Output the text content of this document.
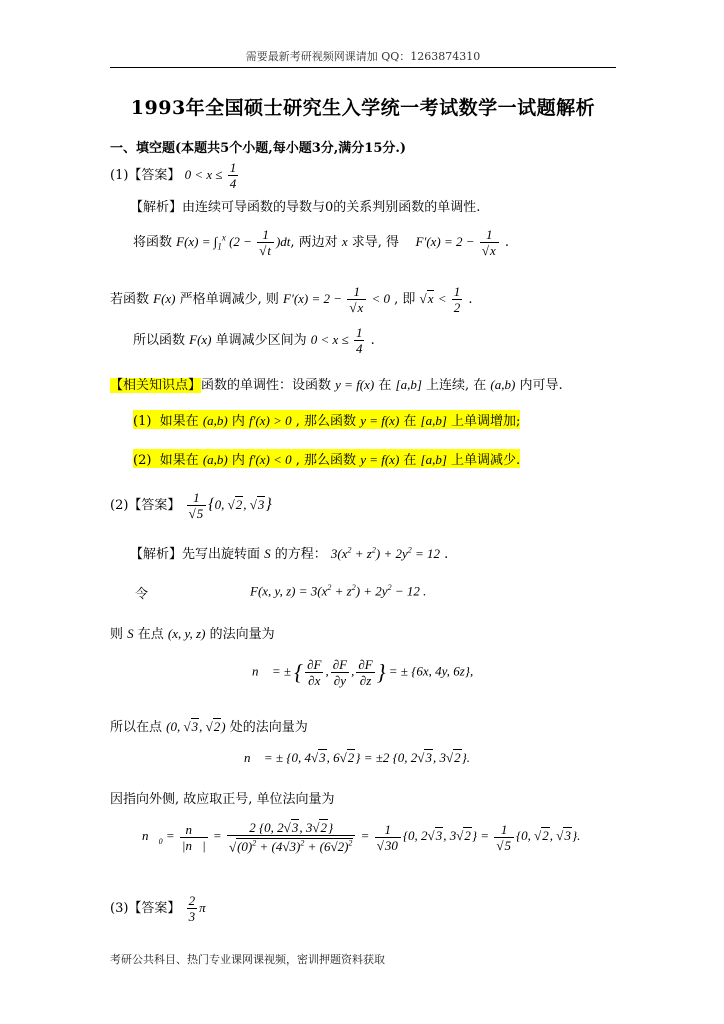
需要最新考研视频网课请加 QQ：1263874310
1993年全国硕士研究生入学统一考试数学一试题解析
一、填空题(本题共5个小题,每小题3分,满分15分.)
(1)【答案】 $0 < x \le \frac{1}{4}$
【解析】由连续可导函数的导数与0的关系判别函数的单调性.
将函数 $F(x) = \int_1^x$ $(2 - \frac{1}{√t} )dt$, 两边对 x 求导, 得    $F'(x) = 2 - \frac{1}{√x}$ .
若函数 F(x) 严格单调减少, 则 $F'(x) = 2 - \frac{1}{√x} < 0$ , 即 $√x < \frac{1}{2}$ .
所以函数 F(x) 单调减少区间为 $0 < x \le \frac{1}{4}$ .
【相关知识点】函数的单调性：设函数 y = f(x) 在 [a,b] 上连续, 在 (a,b) 内可导.
(1)  如果在 (a,b) 内 f′(x) > 0 , 那么函数 y = f(x) 在 [a,b] 上单调增加;
(2)  如果在 (a,b) 内 f′(x) < 0 , 那么函数 y = f(x) 在 [a,b] 上单调减少.
(2)【答案】 $\frac{1}{√5} \{0$, √2, √3}
【解析】先写出旋转面 S 的方程： $3(x^2 + z^2) + 2y^2 = 12$ .
令	F(x, y, $z) = 3(x^2 + z^2) + 2y^2 - 12$ .
则 S 在点 (x, y, z) 的法向量为
n⃗ = ± { $\frac{\partial F}{\partial x}$ , $\frac{\partial F}{\partial y}$ , $\frac{\partial F}{\partial z}$ } = ± {6x, 4y, 6z},
所以在点 (0, √3, √2) 处的法向量为
n⃗ = ± {0, 4√3, 6√2} = ±2 {0, 2√3, 3√2}.
因指向外侧, 故应取正号, 单位法向量为
$n⃗_0 = \frac{n⃗}{|n⃗|} = \frac{2 \{0, 2√3, 3√2\}}{√(0)^2 + (4√3)^2 + (6√2)^2} = \frac{1}{√30} \{0$, 2√3, $3√2\} = \frac{1}{√5} \{0$, √2, √3}.
(3)【答案】 $\frac{2}{3}$ π
考研公共科目、热门专业课网课视频，密训押题资料获取
